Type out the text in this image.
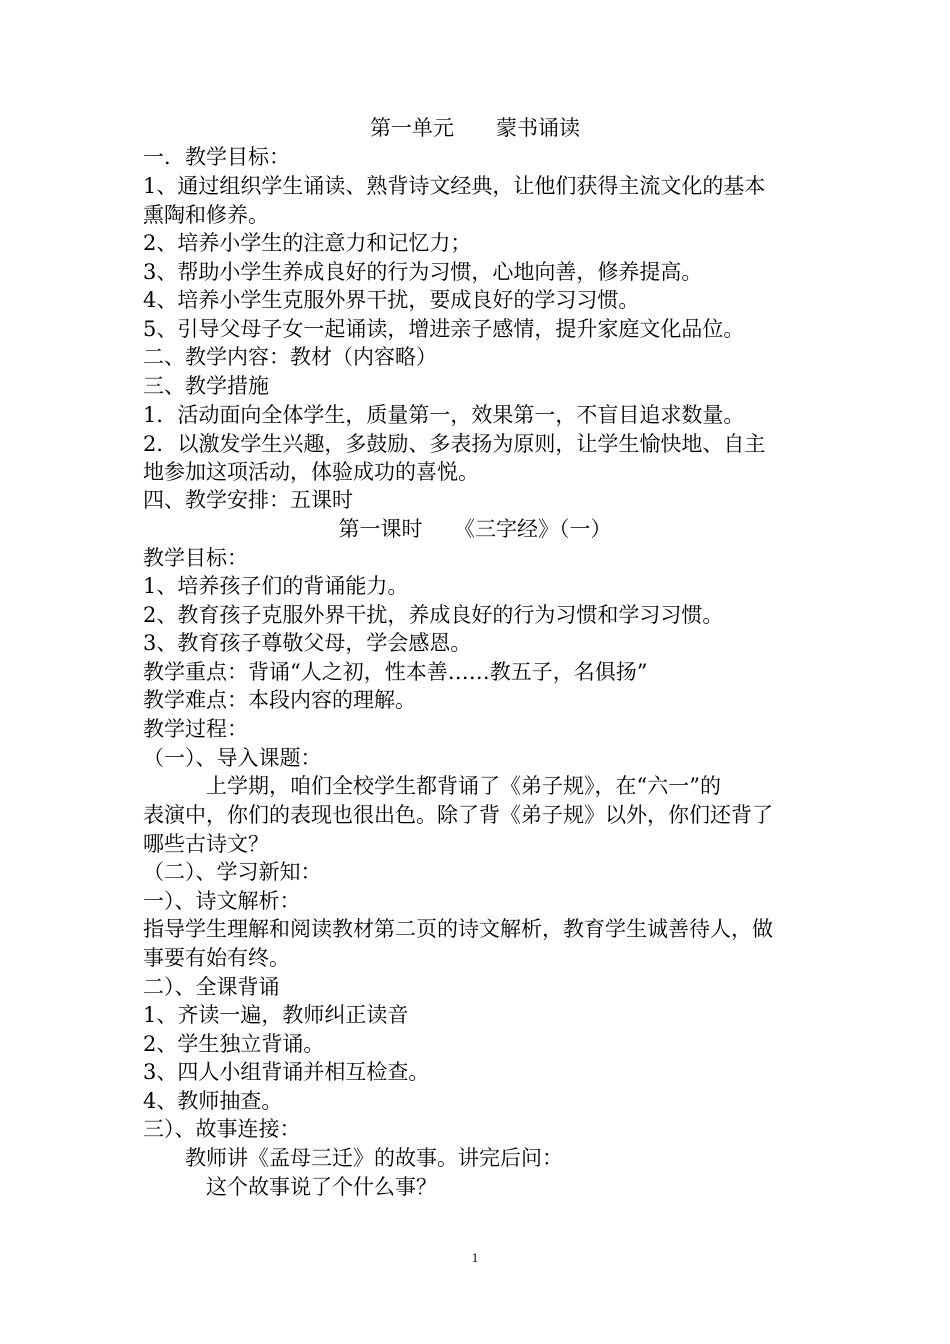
第一单元　　蒙书诵读
一．教学目标：
1、通过组织学生诵读、熟背诗文经典，让他们获得主流文化的基本
熏陶和修养。
2、培养小学生的注意力和记忆力；
3、帮助小学生养成良好的行为习惯，心地向善，修养提高。
4、培养小学生克服外界干扰，要成良好的学习习惯。
5、引导父母子女一起诵读，增进亲子感情，提升家庭文化品位。
二、教学内容：教材（内容略）
三、教学措施
1．活动面向全体学生，质量第一，效果第一，不盲目追求数量。
2．以激发学生兴趣，多鼓励、多表扬为原则，让学生愉快地、自主
地参加这项活动，体验成功的喜悦。
四、教学安排：五课时
第一课时　　《三字经》（一）
教学目标：
1、培养孩子们的背诵能力。
2、教育孩子克服外界干扰，养成良好的行为习惯和学习习惯。
3、教育孩子尊敬父母，学会感恩。
教学重点：背诵“人之初，性本善……教五子，名俱扬”
教学难点：本段内容的理解。
教学过程：
（一）、导入课题：
　　　上学期，咱们全校学生都背诵了《弟子规》，在“六一”的
表演中，你们的表现也很出色。除了背《弟子规》以外，你们还背了
哪些古诗文？
（二）、学习新知：
一）、诗文解析：
指导学生理解和阅读教材第二页的诗文解析，教育学生诚善待人，做
事要有始有终。
二）、全课背诵
1、齐读一遍，教师纠正读音
2、学生独立背诵。
3、四人小组背诵并相互检查。
4、教师抽查。
三）、故事连接：
　　教师讲《孟母三迁》的故事。讲完后问：
　　　这个故事说了个什么事？
1
